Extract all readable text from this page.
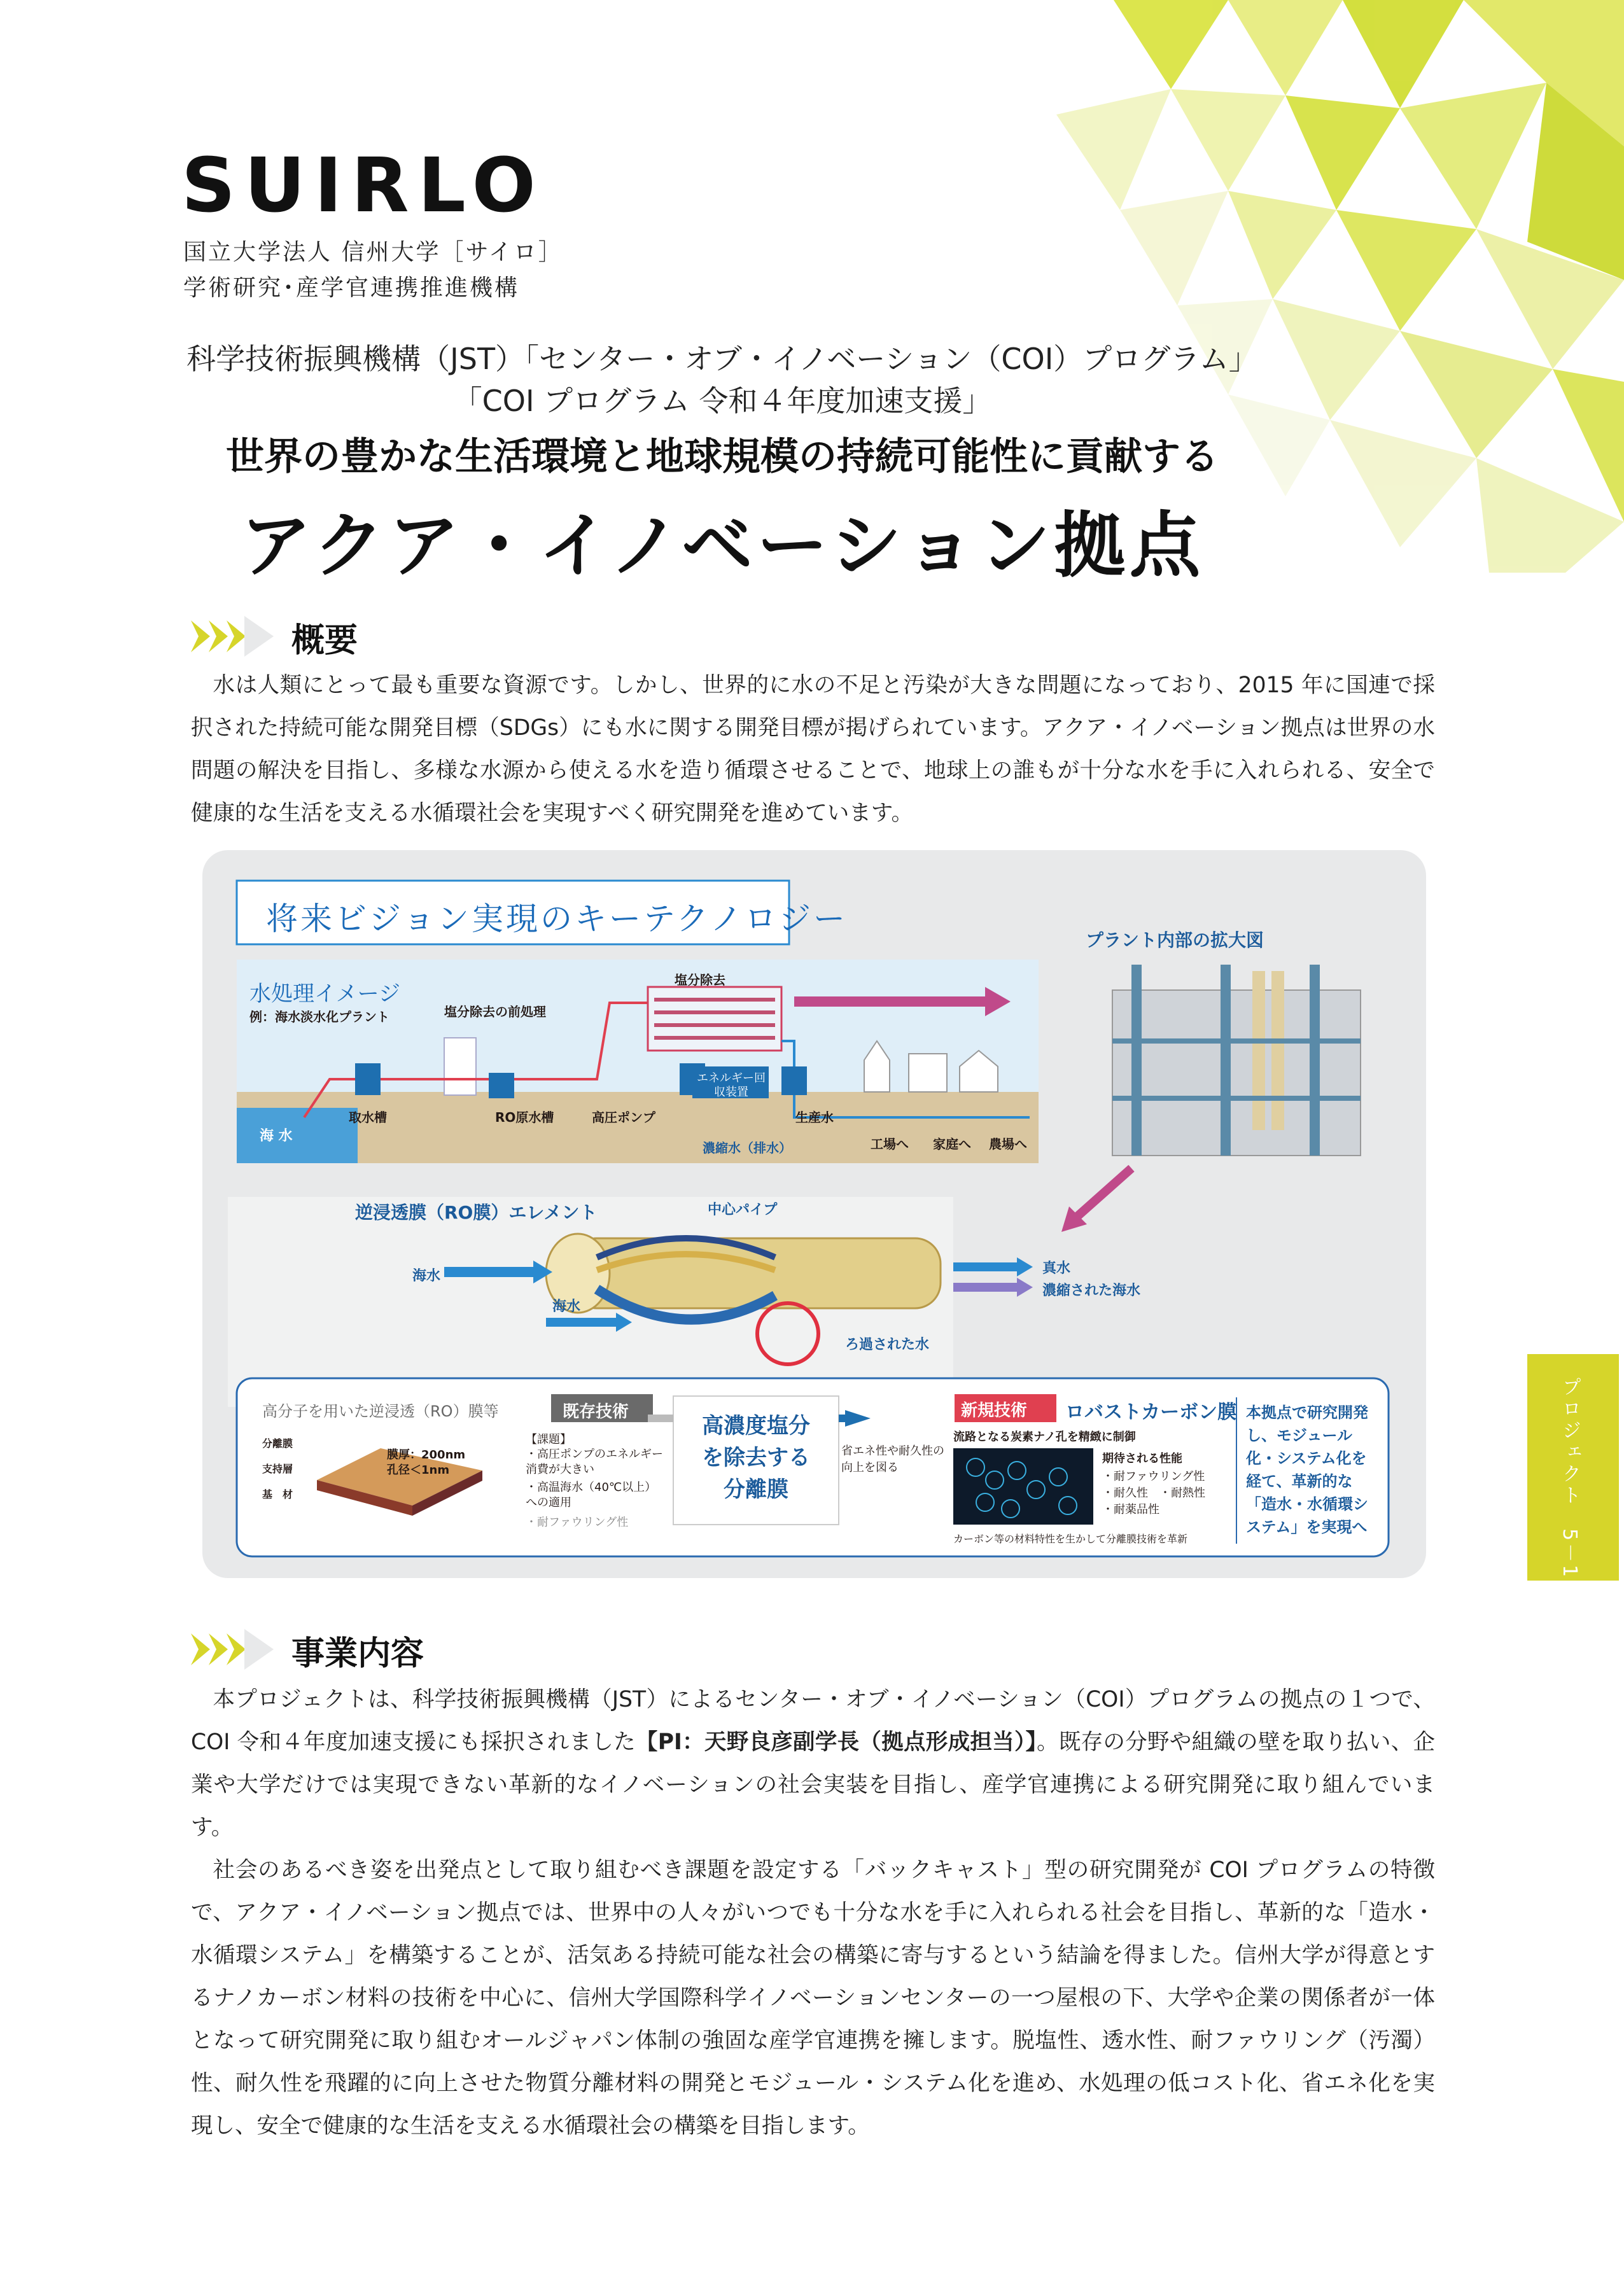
SUIRLO
国立大学法人 信州大学［サイロ］
学術研究･産学官連携推進機構
科学技術振興機構（JST）「センター・オブ・イノベーション（COI）プログラム」
「COI プログラム 令和４年度加速支援」
世界の豊かな生活環境と地球規模の持続可能性に貢献する
アクア・イノベーション拠点
概要

水は人類にとって最も重要な資源です。しかし、世界的に水の不足と汚染が大きな問題になっており、2015 年に国連で採択された持続可能な開発目標（SDGs）にも水に関する開発目標が掲げられています。アクア・イノベーション拠点は世界の水問題の解決を目指し、多様な水源から使える水を造り循環させることで、地球上の誰もが十分な水を手に入れられる、安全で健康的な生活を支える水循環社会を実現すべく研究開発を進めています。

将来ビジョン実現のキーテクノロジー
水処理イメージ
例：海水淡水化プラント
プラント内部の拡大図
塩分除去の前処理
塩分除去
エネルギー回収装置
海 水
取水槽	RO原水槽	高圧ポンプ	生産水
濃縮水（排水）	工場へ 家庭へ 農場へ
逆浸透膜（RO膜）エレメント	中心パイプ
海水
海水
真水
濃縮された海水
ろ過された水
高分子を用いた逆浸透（RO）膜等
分離膜
支持層
基　材
膜厚：200nm
孔径＜1nm
既存技術
【課題】
・高圧ポンプのエネルギー消費が大きい
・高温海水（40℃以上）への適用
・耐ファウリング性
高濃度塩分を除去する分離膜
省エネ性や耐久性の向上を図る
新規技術 ロバストカーボン膜
流路となる炭素ナノ孔を精緻に制御
期待される性能
・耐ファウリング性
・耐久性　・耐熱性
・耐薬品性
カーボン等の材料特性を生かして分離膜技術を革新
本拠点で研究開発し、モジュール化・システム化を経て、革新的な「造水・水循環システム」を実現へ	プロジェクト　5－1
事業内容

本プロジェクトは、科学技術振興機構（JST）によるセンター・オブ・イノベーション（COI）プログラムの拠点の１つで、COI 令和４年度加速支援にも採択されました【PI：天野良彦副学長（拠点形成担当）】。既存の分野や組織の壁を取り払い、企業や大学だけでは実現できない革新的なイノベーションの社会実装を目指し、産学官連携による研究開発に取り組んでいます。

社会のあるべき姿を出発点として取り組むべき課題を設定する「バックキャスト」型の研究開発が COI プログラムの特徴で、アクア・イノベーション拠点では、世界中の人々がいつでも十分な水を手に入れられる社会を目指し、革新的な「造水・水循環システム」を構築することが、活気ある持続可能な社会の構築に寄与するという結論を得ました。信州大学が得意とするナノカーボン材料の技術を中心に、信州大学国際科学イノベーションセンターの一つ屋根の下、大学や企業の関係者が一体となって研究開発に取り組むオールジャパン体制の強固な産学官連携を擁します。脱塩性、透水性、耐ファウリング（汚濁）性、耐久性を飛躍的に向上させた物質分離材料の開発とモジュール・システム化を進め、水処理の低コスト化、省エネ化を実現し、安全で健康的な生活を支える水循環社会の構築を目指します。
